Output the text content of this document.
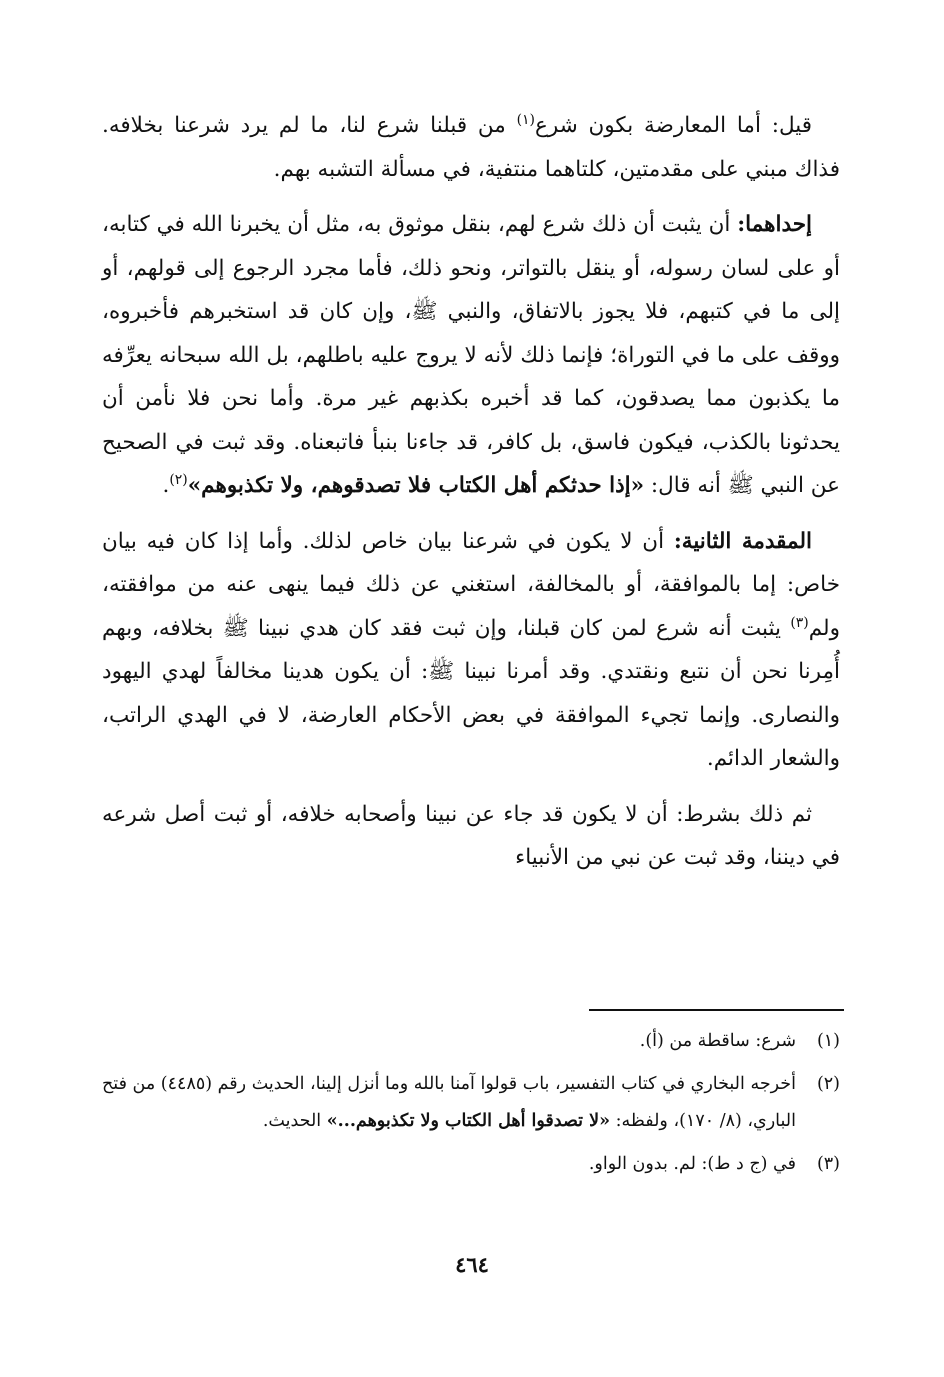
قيل: أما المعارضة بكون شرع$^{(١)}$ من قبلنا شرع لنا، ما لم يرد شرعنا بخلافه. فذاك مبني على مقدمتين، كلتاهما منتفية، في مسألة التشبه بهم.

إحداهما: أن يثبت أن ذلك شرع لهم، بنقل موثوق به، مثل أن يخبرنا الله في كتابه، أو على لسان رسوله، أو ينقل بالتواتر، ونحو ذلك، فأما مجرد الرجوع إلى قولهم، أو إلى ما في كتبهم، فلا يجوز بالاتفاق، والنبي ﷺ، وإن كان قد استخبرهم فأخبروه، ووقف على ما في التوراة؛ فإنما ذلك لأنه لا يروج عليه باطلهم، بل الله سبحانه يعرِّفه ما يكذبون مما يصدقون، كما قد أخبره بكذبهم غير مرة. وأما نحن فلا نأمن أن يحدثونا بالكذب، فيكون فاسق، بل كافر، قد جاءنا بنبأ فاتبعناه. وقد ثبت في الصحيح عن النبي ﷺ أنه قال: «إذا حدثكم أهل الكتاب فلا تصدقوهم، ولا تكذبوهم»$^{(٢)}$.

المقدمة الثانية: أن لا يكون في شرعنا بيان خاص لذلك. وأما إذا كان فيه بيان خاص: إما بالموافقة، أو بالمخالفة، استغني عن ذلك فيما ينهى عنه من موافقته، ولم$^{(٣)}$ يثبت أنه شرع لمن كان قبلنا، وإن ثبت فقد كان هدي نبينا ﷺ بخلافه، وبهم أُمِرنا نحن أن نتبع ونقتدي. وقد أمرنا نبينا ﷺ: أن يكون هدينا مخالفاً لهدي اليهود والنصارى. وإنما تجيء الموافقة في بعض الأحكام العارضة، لا في الهدي الراتب، والشعار الدائم.

ثم ذلك بشرط: أن لا يكون قد جاء عن نبينا وأصحابه خلافه، أو ثبت أصل شرعه في ديننا، وقد ثبت عن نبي من الأنبياء

(١)
شرع: ساقطة من (أ).
(٢)
أخرجه البخاري في كتاب التفسير، باب قولوا آمنا بالله وما أنزل إلينا، الحديث رقم (٤٤٨٥) من فتح الباري، (٨/ ١٧٠)، ولفظه: «لا تصدقوا أهل الكتاب ولا تكذبوهم...» الحديث.
(٣)
في (ج د ط): لم. بدون الواو.
٤٦٤
